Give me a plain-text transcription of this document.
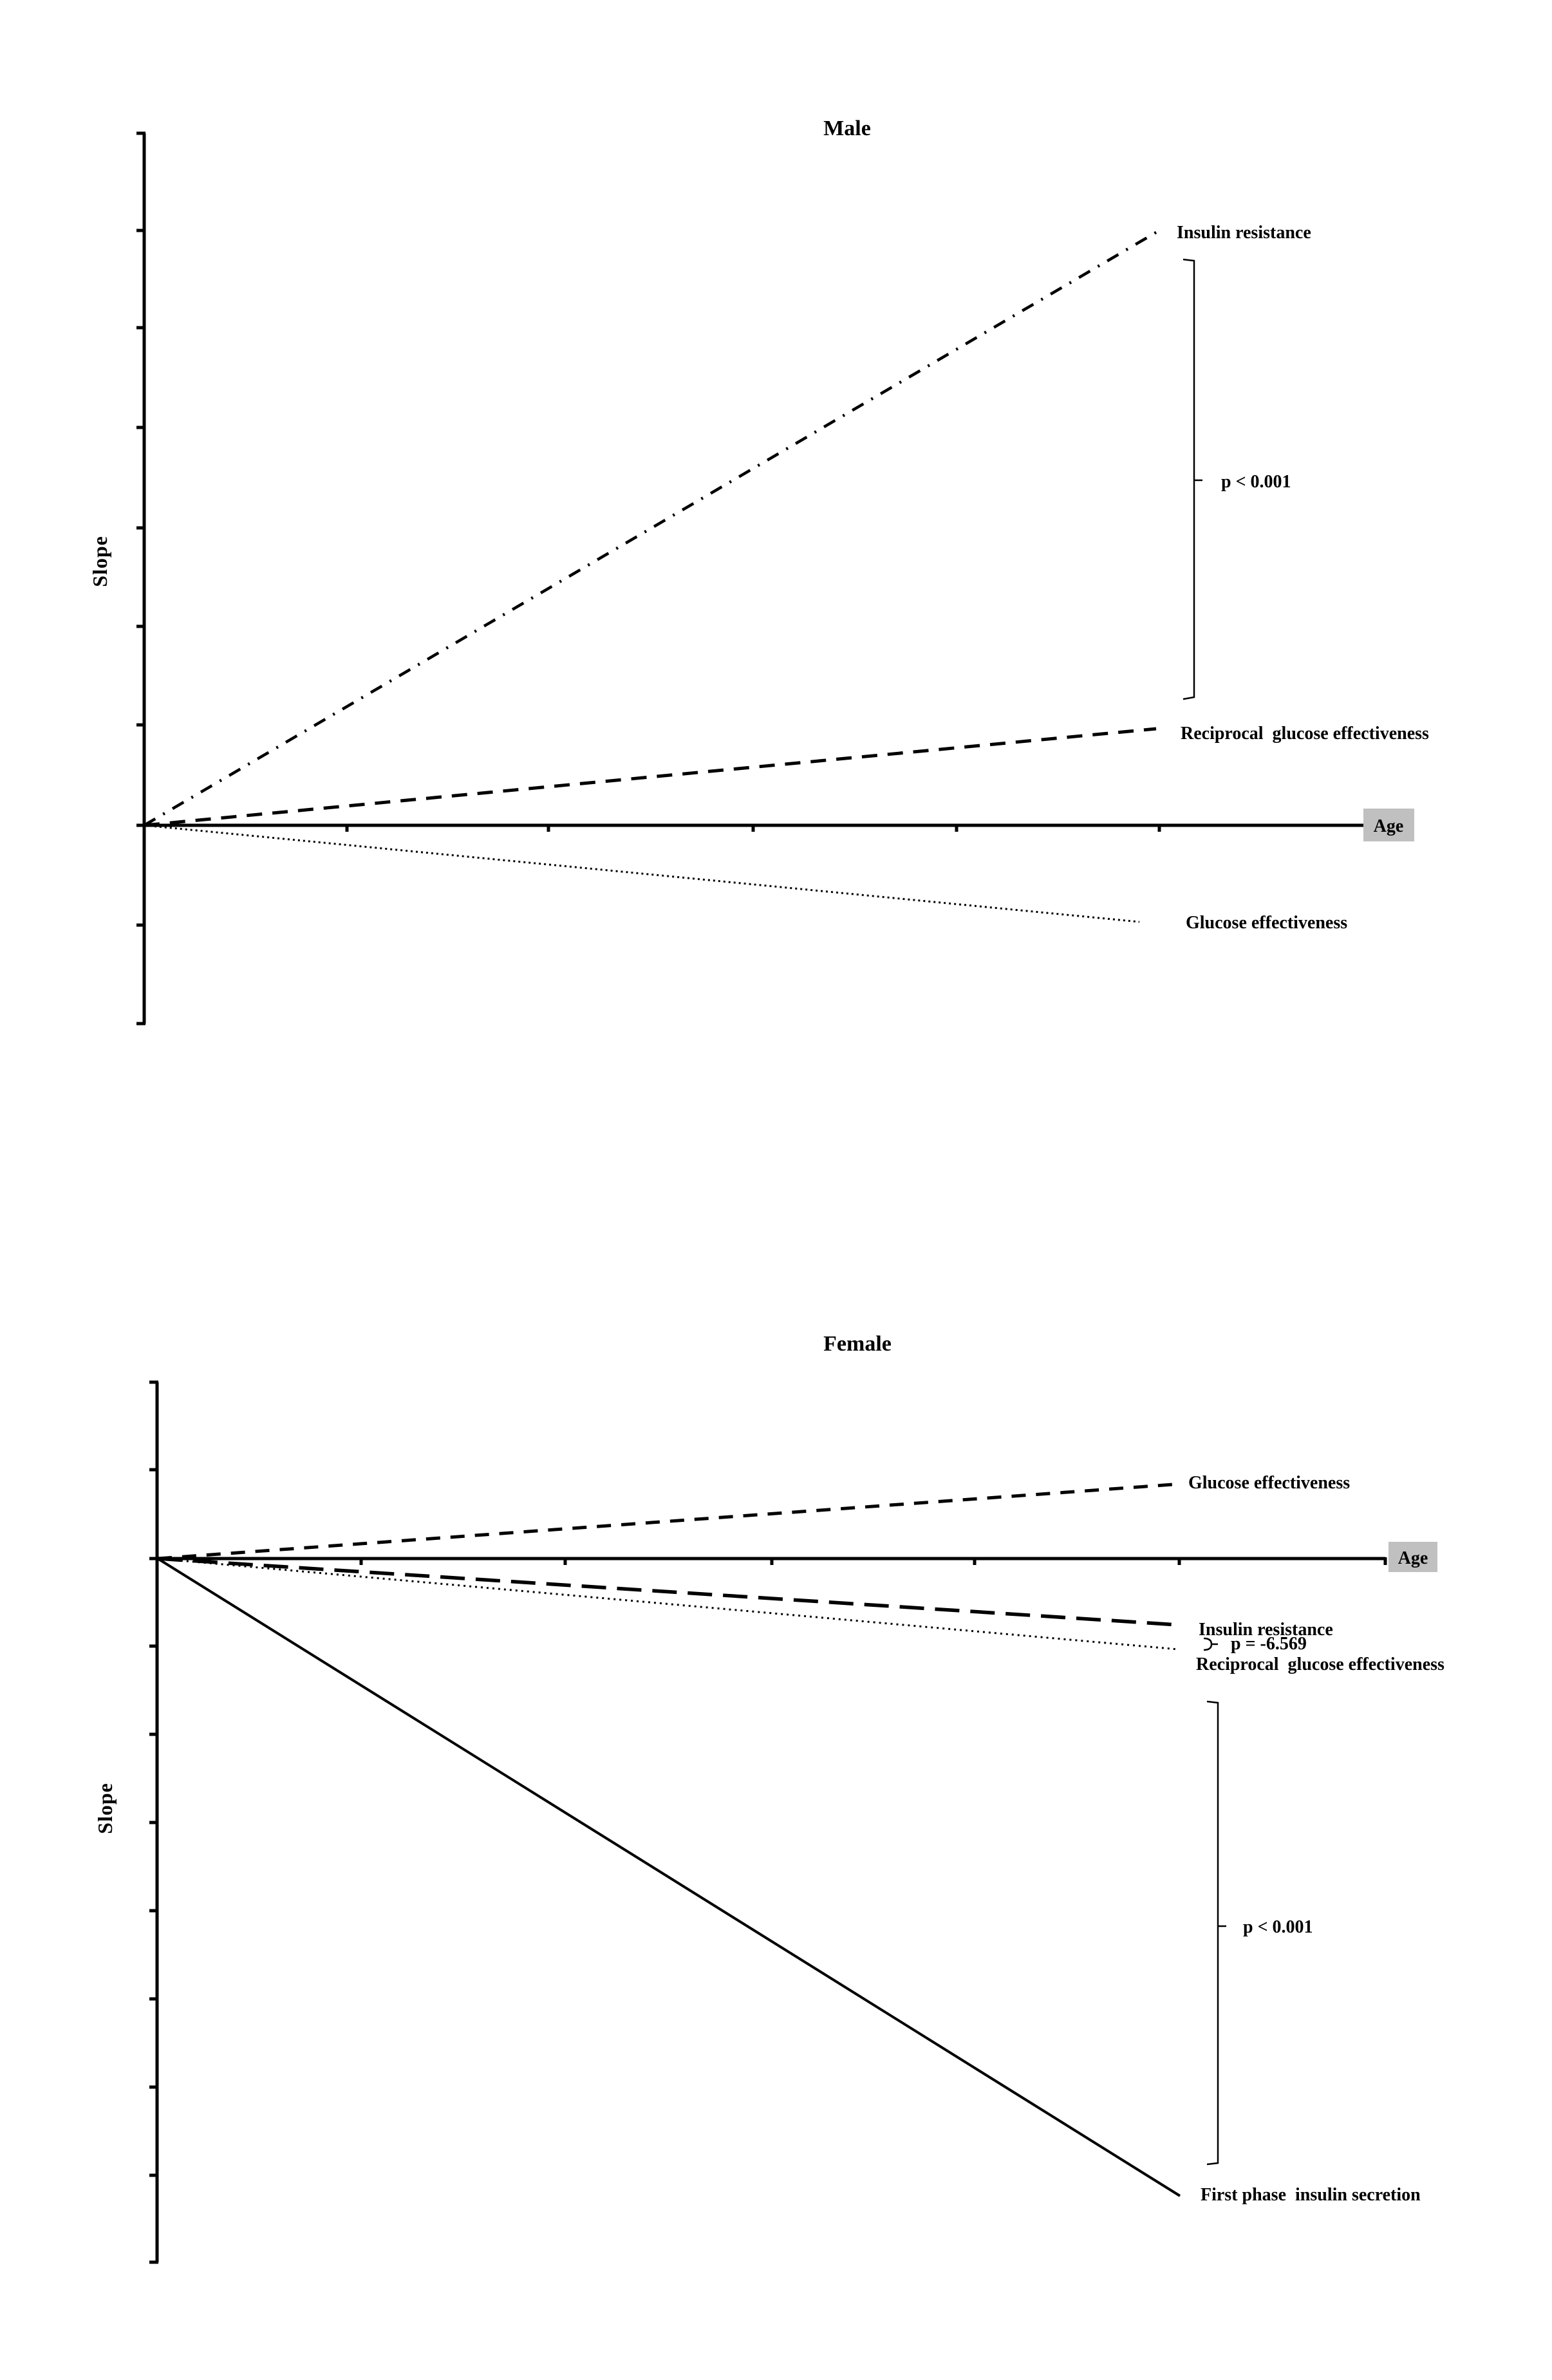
Male
Slope
Age
Insulin resistance
Reciprocal  glucose effectiveness
Glucose effectiveness
p < 0.001
Female
Slope
Age
Glucose effectiveness
Insulin resistance
p = -6.569
Reciprocal  glucose effectiveness
p < 0.001
First phase  insulin secretion
